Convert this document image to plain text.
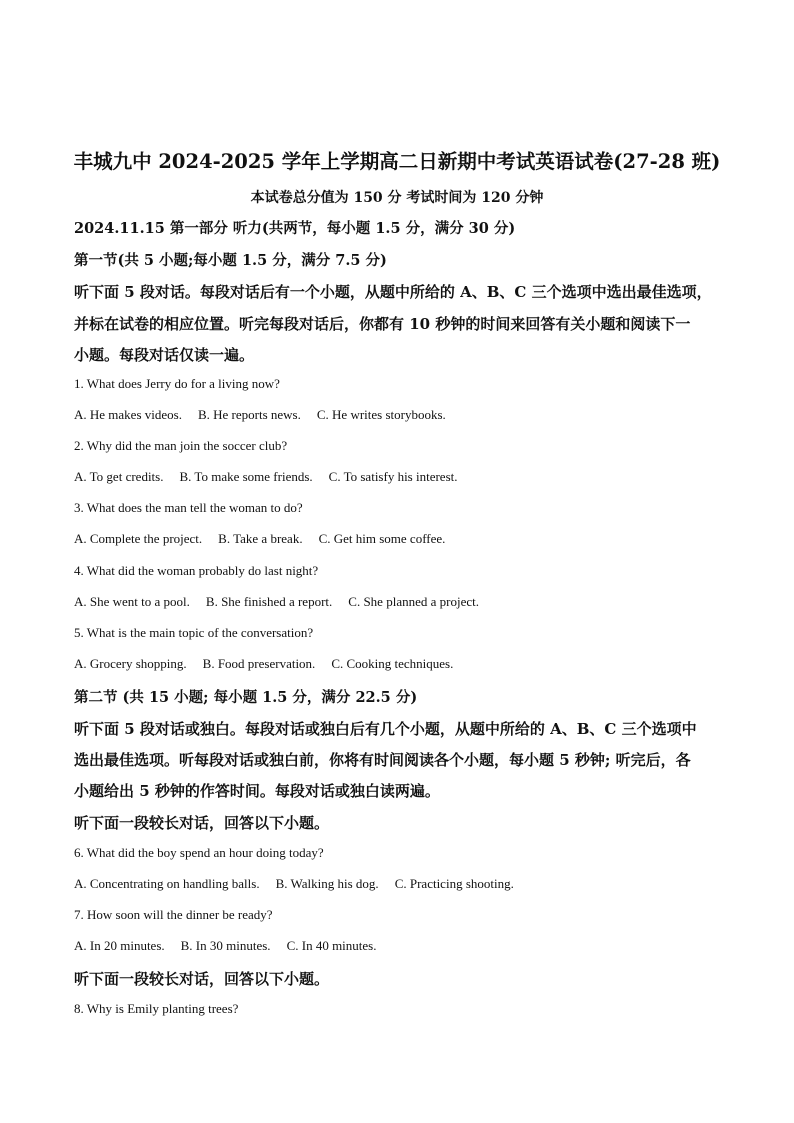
丰城九中 2024-2025 学年上学期高二日新期中考试英语试卷(27-28 班)
本试卷总分值为 150 分 考试时间为 120 分钟
2024.11.15 第一部分 听力(共两节，每小题 1.5 分，满分 30 分)
第一节(共 5 小题;每小题 1.5 分，满分 7.5 分)
听下面 5 段对话。每段对话后有一个小题，从题中所给的 A、B、C 三个选项中选出最佳选项，
并标在试卷的相应位置。听完每段对话后，你都有 10 秒钟的时间来回答有关小题和阅读下一
小题。每段对话仅读一遍。
1. What does Jerry do for a living now?
A. He makes videos. B. He reports news. C. He writes storybooks.
2. Why did the man join the soccer club?
A. To get credits. B. To make some friends. C. To satisfy his interest.
3. What does the man tell the woman to do?
A. Complete the project. B. Take a break. C. Get him some coffee.
4. What did the woman probably do last night?
A. She went to a pool. B. She finished a report. C. She planned a project.
5. What is the main topic of the conversation?
A. Grocery shopping. B. Food preservation. C. Cooking techniques.
第二节 (共 15 小题; 每小题 1.5 分，满分 22.5 分)
听下面 5 段对话或独白。每段对话或独白后有几个小题，从题中所给的 A、B、C 三个选项中
选出最佳选项。听每段对话或独白前，你将有时间阅读各个小题，每小题 5 秒钟; 听完后，各
小题给出 5 秒钟的作答时间。每段对话或独白读两遍。
听下面一段较长对话，回答以下小题。
6. What did the boy spend an hour doing today?
A. Concentrating on handling balls. B. Walking his dog. C. Practicing shooting.
7. How soon will the dinner be ready?
A. In 20 minutes. B. In 30 minutes. C. In 40 minutes.
听下面一段较长对话，回答以下小题。
8. Why is Emily planting trees?
